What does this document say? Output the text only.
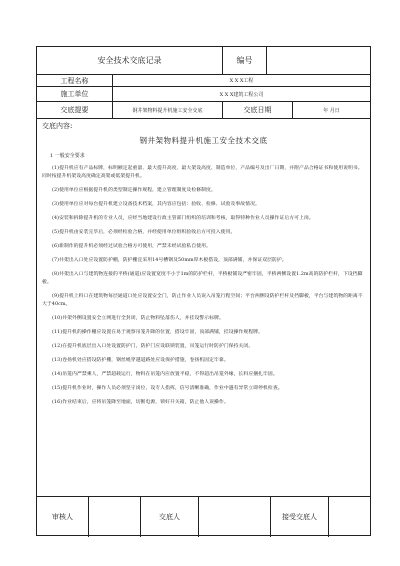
安全技术交底记录	编号
工程名称	X X X工程
施工单位	X X X建筑工程公司
交底提要	钢井架物料提升机施工安全交底	交底日期	年 月日
交底内容:
钢井架物料提升机施工安全技术交底
1 一般安全要求

(1)提升机应有产品标牌，标明额定起重量、最大提升高度、最大架设高度、制造单位、产品编号及出厂日期，并附产品合格证书和使用说明书。同时按提升机架设高度确定高架或低架提升机。

(2)使用单位应根据提升机的类型制定操作规程，建立管理制度及检修制度。

(3)使用单位应对每台提升机建立设备技术档案，其内容应包括：验收、检修、试验及事故情况。

(4)安装和拆除提升机的专业人员，应经当地建设行政主管部门组织的培训和考核，取得特种作业人员操作证后方可上岗。

(5)提升机由安装完毕后，必须经检验合格，并经使用单位组织验收后方可投入使用。

(6)新制作的提升机必须经过试验合格方可使用，严禁未经试验私自使用。

(7)井架出入口处应设置防护棚，防护棚宜采用14号槽钢及50mm厚木板搭设，顶部满铺，并保证双层防护。

(8)井架出入口与建筑物连接的平桥(通道)应设置宽度不小于1m的防护栏杆，平桥板铺设严密牢固，平桥两侧设置1.2m高的防护栏杆，下设挡脚板。

(9)提升机上料口在建筑物每层通道口处应设置安全门，防止作业人员误入吊笼行程空间；平台两侧设防护栏杆及挡脚板，平台与建筑物的距离不大于40cm。

(10)井架外侧设置安全立网进行全封闭，防止物料坠落伤人，并挂设警示标牌。

(11)提升机的操作棚应设置在易于观察吊笼升降的位置，搭设牢固，顶部满铺，挂设操作规程牌。

(12)在提升机底层出入口处设置防护门，防护门应设联锁装置，吊笼运行时防护门保持关闭。

(13)卷扬机处应搭设防护棚，钢丝绳穿越道路处应设保护措施，卷扬机固定牢靠。

(14)吊笼内严禁乘人，严禁超载运行，物料在吊笼内应放置平稳，不得超出吊笼外缘，长料应捆扎牢固。

(15)提升机作业时，操作人员必须坚守岗位，设专人指挥，信号清晰准确，作业中遇有异常立即停机检查。

(16)作业结束后，应将吊笼降至地面，切断电源，锁好开关箱，防止他人误操作。

审核人	交底人	接受交底人
